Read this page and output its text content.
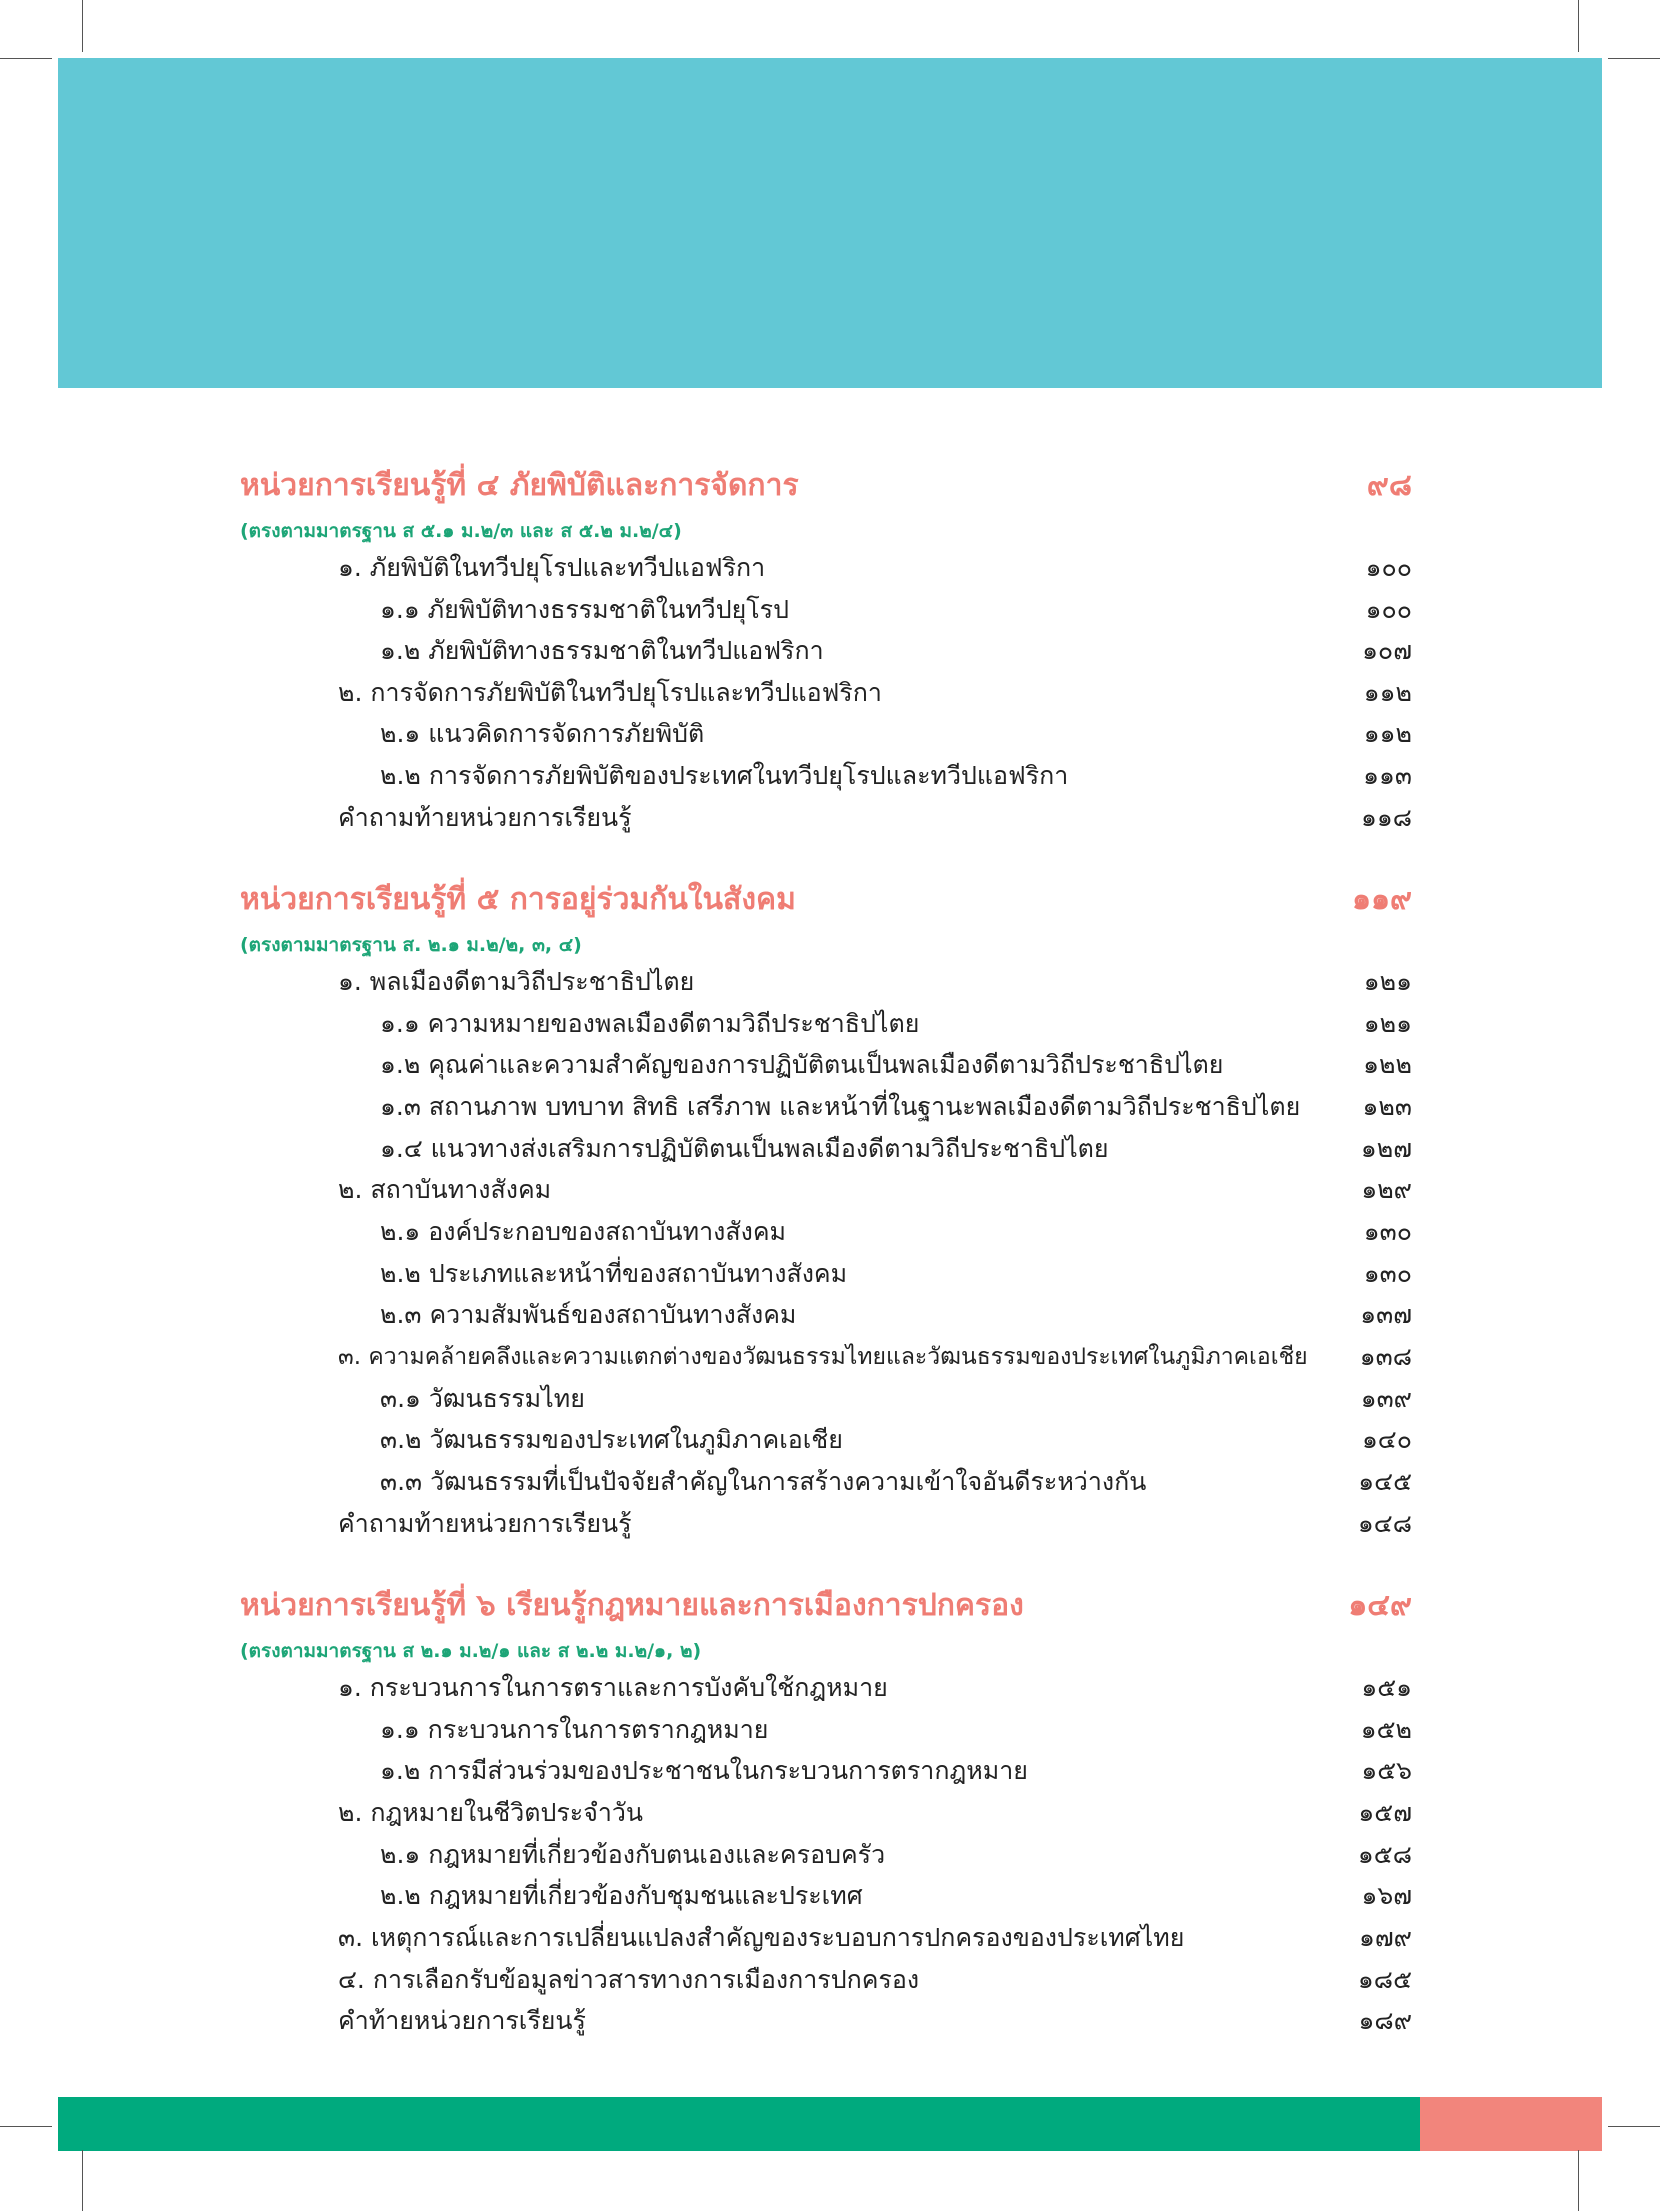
หน่วยการเรียนรู้ที่ ๔ ภัยพิบัติและการจัดการ	๙๘
(ตรงตามมาตรฐาน ส ๕.๑ ม.๒/๓ และ ส ๕.๒ ม.๒/๔)
๑. ภัยพิบัติในทวีปยุโรปและทวีปแอฟริกา	๑๐๐
๑.๑ ภัยพิบัติทางธรรมชาติในทวีปยุโรป	๑๐๐
๑.๒ ภัยพิบัติทางธรรมชาติในทวีปแอฟริกา	๑๐๗
๒. การจัดการภัยพิบัติในทวีปยุโรปและทวีปแอฟริกา	๑๑๒
๒.๑ แนวคิดการจัดการภัยพิบัติ	๑๑๒
๒.๒ การจัดการภัยพิบัติของประเทศในทวีปยุโรปและทวีปแอฟริกา	๑๑๓
คำถามท้ายหน่วยการเรียนรู้	๑๑๘
หน่วยการเรียนรู้ที่ ๕ การอยู่ร่วมกันในสังคม	๑๑๙
(ตรงตามมาตรฐาน ส. ๒.๑ ม.๒/๒, ๓, ๔)
๑. พลเมืองดีตามวิถีประชาธิปไตย	๑๒๑
๑.๑ ความหมายของพลเมืองดีตามวิถีประชาธิปไตย	๑๒๑
๑.๒ คุณค่าและความสำคัญของการปฏิบัติตนเป็นพลเมืองดีตามวิถีประชาธิปไตย	๑๒๒
๑.๓ สถานภาพ บทบาท สิทธิ เสรีภาพ และหน้าที่ในฐานะพลเมืองดีตามวิถีประชาธิปไตย	๑๒๓
๑.๔ แนวทางส่งเสริมการปฏิบัติตนเป็นพลเมืองดีตามวิถีประชาธิปไตย	๑๒๗
๒. สถาบันทางสังคม	๑๒๙
๒.๑ องค์ประกอบของสถาบันทางสังคม	๑๓๐
๒.๒ ประเภทและหน้าที่ของสถาบันทางสังคม	๑๓๐
๒.๓ ความสัมพันธ์ของสถาบันทางสังคม	๑๓๗
๓. ความคล้ายคลึงและความแตกต่างของวัฒนธรรมไทยและวัฒนธรรมของประเทศในภูมิภาคเอเชีย	๑๓๘
๓.๑ วัฒนธรรมไทย	๑๓๙
๓.๒ วัฒนธรรมของประเทศในภูมิภาคเอเชีย	๑๔๐
๓.๓ วัฒนธรรมที่เป็นปัจจัยสำคัญในการสร้างความเข้าใจอันดีระหว่างกัน	๑๔๕
คำถามท้ายหน่วยการเรียนรู้	๑๔๘
หน่วยการเรียนรู้ที่ ๖ เรียนรู้กฎหมายและการเมืองการปกครอง	๑๔๙
(ตรงตามมาตรฐาน ส ๒.๑ ม.๒/๑ และ ส ๒.๒ ม.๒/๑, ๒)
๑. กระบวนการในการตราและการบังคับใช้กฎหมาย	๑๕๑
๑.๑ กระบวนการในการตรากฎหมาย	๑๕๒
๑.๒ การมีส่วนร่วมของประชาชนในกระบวนการตรากฎหมาย	๑๕๖
๒. กฎหมายในชีวิตประจำวัน	๑๕๗
๒.๑ กฎหมายที่เกี่ยวข้องกับตนเองและครอบครัว	๑๕๘
๒.๒ กฎหมายที่เกี่ยวข้องกับชุมชนและประเทศ	๑๖๗
๓. เหตุการณ์และการเปลี่ยนแปลงสำคัญของระบอบการปกครองของประเทศไทย	๑๗๙
๔. การเลือกรับข้อมูลข่าวสารทางการเมืองการปกครอง	๑๘๕
คำท้ายหน่วยการเรียนรู้	๑๘๙
